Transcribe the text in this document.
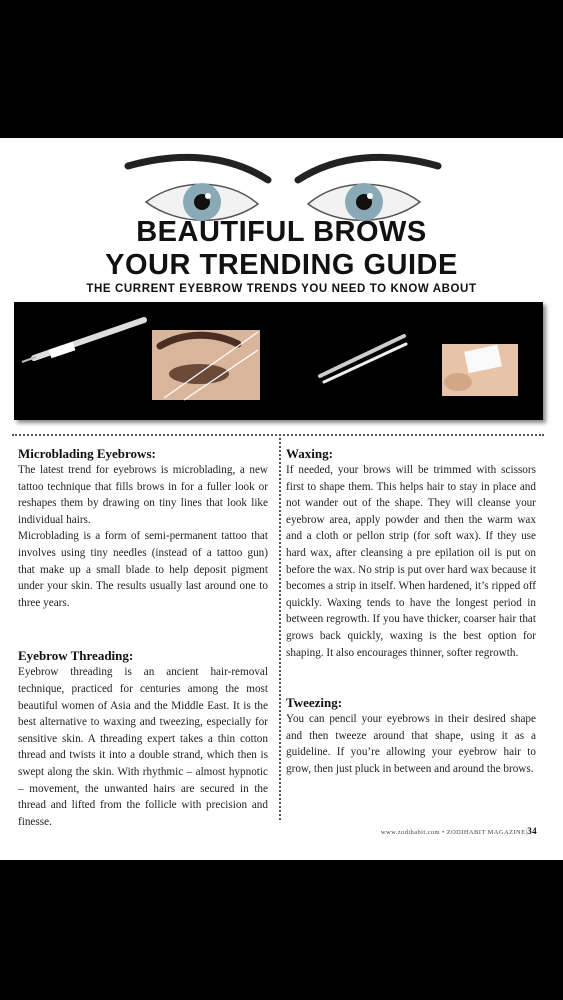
BEAUTIFUL BROWS
YOUR TRENDING GUIDE
THE CURRENT EYEBROW TRENDS YOU NEED TO KNOW ABOUT
Microblading Eyebrows:

The latest trend for eyebrows is microblading, a new tattoo technique that fills brows in for a fuller look or reshapes them by drawing on tiny lines that look like individual hairs.

Microblading is a form of semi-permanent tattoo that involves using tiny needles (instead of a tattoo gun) that make up a small blade to help deposit pigment under your skin. The results usually last around one to three years.

Eyebrow Threading:

Eyebrow threading is an ancient hair-removal technique, practiced for centuries among the most beautiful women of Asia and the Middle East. It is the best alternative to waxing and tweezing, especially for sensitive skin. A threading expert takes a thin cotton thread and twists it into a double strand, which then is swept along the skin. With rhythmic – almost hypnotic – movement, the unwanted hairs are secured in the thread and lifted from the follicle with precision and finesse.

Waxing:

If needed, your brows will be trimmed with scissors first to shape them. This helps hair to stay in place and not wander out of the shape. They will cleanse your eyebrow area, apply powder and then the warm wax and a cloth or pellon strip (for soft wax). If they use hard wax, after cleansing a pre epilation oil is put on before the wax. No strip is put over hard wax because it becomes a strip in itself. When hardened, it’s ripped off quickly. Waxing tends to have the longest period in between regrowth. If you have thicker, coarser hair that grows back quickly, waxing is the best option for shaping. It also encourages thinner, softer regrowth.

Tweezing:

You can pencil your eyebrows in their desired shape and then tweeze around that shape, using it as a guideline. If you’re allowing your eyebrow hair to grow, then just pluck in between and around the brows.

www.zodihabit.com • ZODIHABIT MAGAZINE|34
